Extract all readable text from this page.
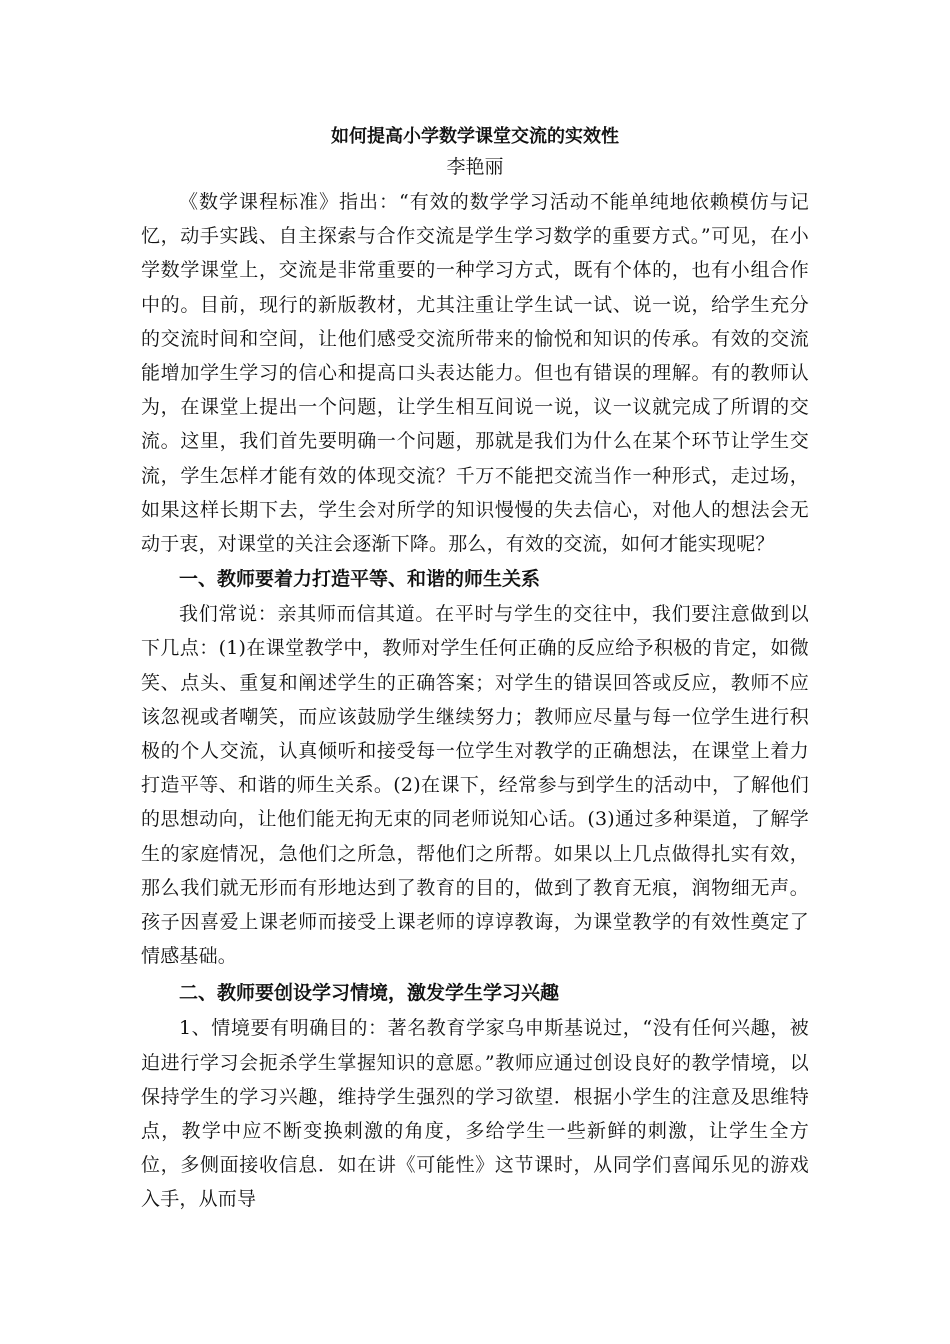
如何提高小学数学课堂交流的实效性

李艳丽

《数学课程标准》指出：“有效的数学学习活动不能单纯地依赖模仿与记忆，动手实践、自主探索与合作交流是学生学习数学的重要方式。”可见，在小学数学课堂上，交流是非常重要的一种学习方式，既有个体的，也有小组合作中的。目前，现行的新版教材，尤其注重让学生试一试、说一说，给学生充分的交流时间和空间，让他们感受交流所带来的愉悦和知识的传承。有效的交流能增加学生学习的信心和提高口头表达能力。但也有错误的理解。有的教师认为，在课堂上提出一个问题，让学生相互间说一说，议一议就完成了所谓的交流。这里，我们首先要明确一个问题，那就是我们为什么在某个环节让学生交流，学生怎样才能有效的体现交流？千万不能把交流当作一种形式，走过场，如果这样长期下去，学生会对所学的知识慢慢的失去信心，对他人的想法会无动于衷，对课堂的关注会逐渐下降。那么，有效的交流，如何才能实现呢？

一、教师要着力打造平等、和谐的师生关系

我们常说：亲其师而信其道。在平时与学生的交往中，我们要注意做到以下几点：(1)在课堂教学中，教师对学生任何正确的反应给予积极的肯定，如微笑、点头、重复和阐述学生的正确答案；对学生的错误回答或反应，教师不应该忽视或者嘲笑，而应该鼓励学生继续努力；教师应尽量与每一位学生进行积极的个人交流，认真倾听和接受每一位学生对教学的正确想法，在课堂上着力打造平等、和谐的师生关系。(2)在课下，经常参与到学生的活动中，了解他们的思想动向，让他们能无拘无束的同老师说知心话。(3)通过多种渠道，了解学生的家庭情况，急他们之所急，帮他们之所帮。如果以上几点做得扎实有效，那么我们就无形而有形地达到了教育的目的，做到了教育无痕，润物细无声。孩子因喜爱上课老师而接受上课老师的谆谆教诲，为课堂教学的有效性奠定了情感基础。

二、教师要创设学习情境，激发学生学习兴趣

1、情境要有明确目的：著名教育学家乌申斯基说过，“没有任何兴趣，被迫进行学习会扼杀学生掌握知识的意愿。”教师应通过创设良好的教学情境，以保持学生的学习兴趣，维持学生强烈的学习欲望．根据小学生的注意及思维特点，教学中应不断变换刺激的角度，多给学生一些新鲜的刺激，让学生全方位，多侧面接收信息．如在讲《可能性》这节课时，从同学们喜闻乐见的游戏入手，从而导
